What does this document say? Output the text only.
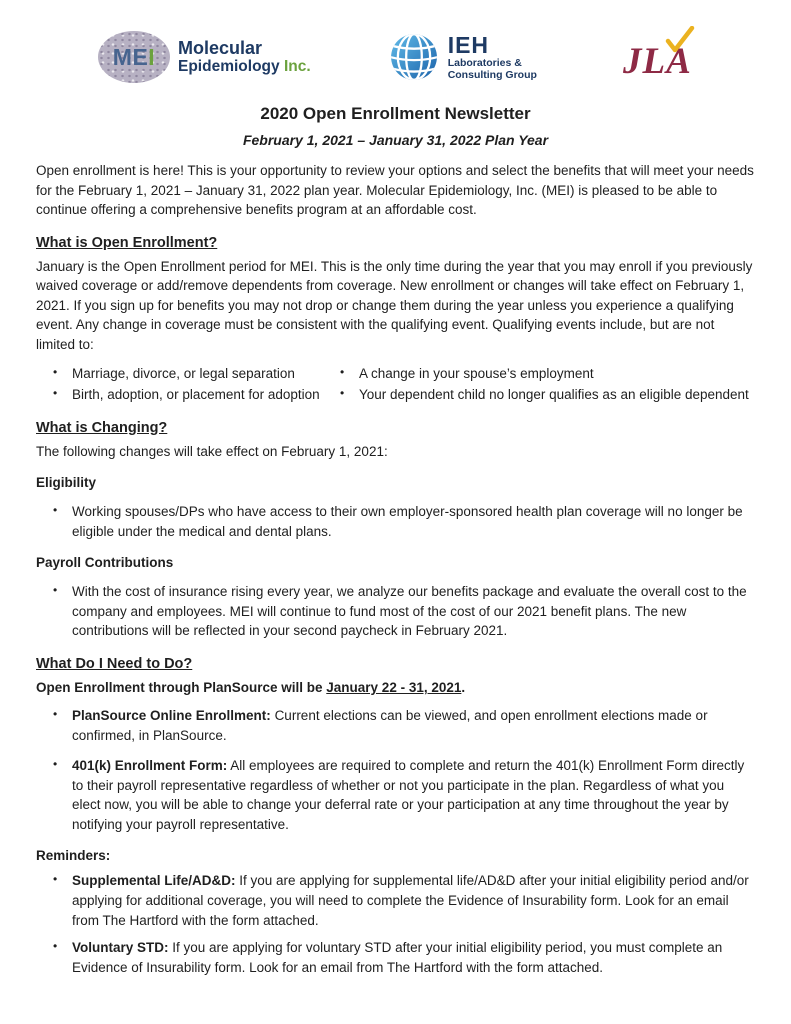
ME I Molecular
Epidemiology Inc.
IEH
Laboratories &
Consulting Group JLA
2020 Open Enrollment Newsletter
February 1, 2021 – January 31, 2022 Plan Year
Open enrollment is here! This is your opportunity to review your options and select the benefits that will meet your needs for the February 1, 2021 – January 31, 2022 plan year. Molecular Epidemiology, Inc. (MEI) is pleased to be able to continue offering a comprehensive benefits program at an affordable cost.
What is Open Enrollment?
January is the Open Enrollment period for MEI. This is the only time during the year that you may enroll if you previously waived coverage or add/remove dependents from coverage. New enrollment or changes will take effect on February 1, 2021. If you sign up for benefits you may not drop or change them during the year unless you experience a qualifying event. Any change in coverage must be consistent with the qualifying event. Qualifying events include, but are not limited to:
•	Marriage, divorce, or legal separation
•	Birth, adoption, or placement for adoption
•	A change in your spouse’s employment
•	Your dependent child no longer qualifies as an eligible dependent
What is Changing?
The following changes will take effect on February 1, 2021:
Eligibility
•	Working spouses/DPs who have access to their own employer-sponsored health plan coverage will no longer be eligible under the medical and dental plans.
Payroll Contributions
•	With the cost of insurance rising every year, we analyze our benefits package and evaluate the overall cost to the company and employees. MEI will continue to fund most of the cost of our 2021 benefit plans. The new contributions will be reflected in your second paycheck in February 2021.
What Do I Need to Do?
Open Enrollment through PlanSource will be January 22 - 31, 2021.
•	PlanSource Online Enrollment: Current elections can be viewed, and open enrollment elections made or confirmed, in PlanSource.
•	401(k) Enrollment Form: All employees are required to complete and return the 401(k) Enrollment Form directly to their payroll representative regardless of whether or not you participate in the plan. Regardless of what you elect now, you will be able to change your deferral rate or your participation at any time throughout the year by notifying your payroll representative.
Reminders:
•	Supplemental Life/AD&D: If you are applying for supplemental life/AD&D after your initial eligibility period and/or applying for additional coverage, you will need to complete the Evidence of Insurability form. Look for an email from The Hartford with the form attached.
•	Voluntary STD: If you are applying for voluntary STD after your initial eligibility period, you must complete an Evidence of Insurability form. Look for an email from The Hartford with the form attached.
